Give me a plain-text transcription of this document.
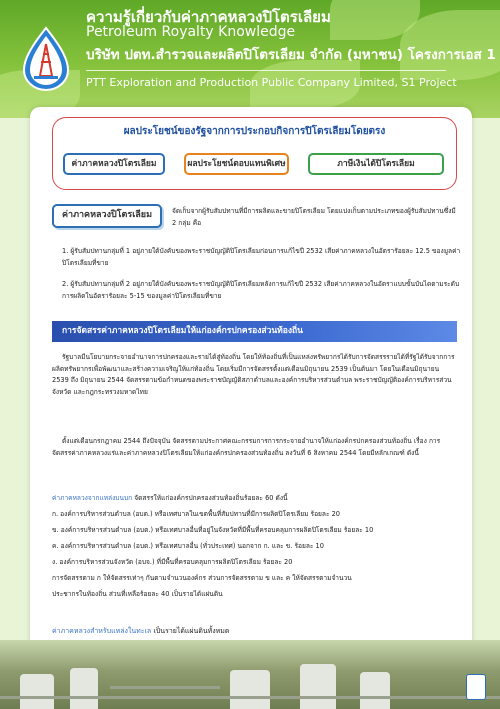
ความรู้เกี่ยวกับค่าภาคหลวงปิโตรเลียม
Petroleum Royalty Knowledge
บริษัท ปตท.สำรวจและผลิตปิโตรเลียม จำกัด (มหาชน) โครงการเอส 1
PTT Exploration and Production Public Company Limited, S1 Project
ผลประโยชน์ของรัฐจากการประกอบกิจการปิโตรเลียมโดยตรง
ค่าภาคหลวงปิโตรเลียม	ผลประโยชน์ตอบแทนพิเศษ	ภาษีเงินได้ปิโตรเลียม
ค่าภาคหลวงปิโตรเลียม	จัดเก็บจากผู้รับสัมปทานที่มีการผลิตและขายปิโตรเลียม โดยแบ่งเก็บตามประเภทของผู้รับสัมปทานซึ่งมี 2 กลุ่ม คือ
1. ผู้รับสัมปทานกลุ่มที่ 1 อยู่ภายใต้บังคับของพระราชบัญญัติปิโตรเลียมก่อนการแก้ไขปี 2532 เสียค่าภาคหลวงในอัตรารัอยละ 12.5 ของมูลค่าปิโตรเลียมที่ขาย
2. ผู้รับสัมปทานกลุ่มที่ 2 อยู่ภายใต้บังคับของพระราชบัญญัติปิโตรเลียมหลังการแก้ไขปี 2532 เสียค่าภาคหลวงในอัตราแบบขั้นบันไดตามระดับการผลิตในอัตรารัอยละ 5-15 ของมูลค่าปิโตรเลียมที่ขาย
การจัดสรรค่าภาคหลวงปิโตรเลียมให้แก่องค์กรปกครองส่วนท้องถิ่น
รัฐบาลมีนโยบายกระจายอำนาจการปกครองและรายได้สู่ท้องถิ่น โดยให้ท้องถิ่นที่เป็นแหล่งทรัพยากรได้รับการจัดสรรรายได้ที่รัฐได้รับจากการผลิตทรัพยากรเพื่อพัฒนาและสร้างความเจริญให้แก่ท้องถิ่น โดยเริ่มมีการจัดสรรตั้งแต่เดือนมิถุนายน 2539 เป็นต้นมา โดยในเดือนมิถุนายน 2539 ถึง มิถุนายน 2544 จัดสรรตามข้อกำหนดของพระราชบัญญัติสภาตำบลและองค์การบริหารส่วนตำบล พระราชบัญญัติองค์การบริหารส่วนจังหวัด และกฎกระทรวงมหาดไทย
ตั้งแต่เดือนกรกฎาคม 2544 ถึงปัจจุบัน จัดสรรตามประกาศคณะกรรมการการกระจายอำนาจให้แก่องค์กรปกครองส่วนท้องถิ่น เรื่อง การจัดสรรค่าภาคหลวงแร่และค่าภาคหลวงปิโตรเลียมให้แก่องค์กรปกครองส่วนท้องถิ่น ลงวันที่ 6 สิงหาคม 2544 โดยมีหลักเกณฑ์ ดังนี้
ค่าภาคหลวงจากแหล่งบนบก จัดสรรให้แก่องค์กรปกครองส่วนท้องถิ่นร้อยละ 60 ดังนี้
ก. องค์การบริหารส่วนตำบล (อบต.) หรือเทศบาลในเขตพื้นที่สัมปทานที่มีการผลิตปิโตรเลียม ร้อยละ 20
ข. องค์การบริหารส่วนตำบล (อบต.) หรือเทศบาลอื่นที่อยู่ในจังหวัดที่มีพื้นที่ครอบคลุมการผลิตปิโตรเลียม ร้อยละ 10
ค. องค์การบริหารส่วนตำบล (อบต.) หรือเทศบาลอื่น (ทั่วประเทศ) นอกจาก ก. และ ข. ร้อยละ 10
ง. องค์การบริหารส่วนจังหวัด (อบจ.) ที่มีพื้นที่ครอบคลุมการผลิตปิโตรเลียม ร้อยละ 20
การจัดสรรตาม ก ให้จัดสรรเท่าๆ กันตามจำนวนองค์กร ส่วนการจัดสรรตาม ข และ ค ให้จัดสรรตามจำนวน
ประชากรในท้องถิ่น ส่วนที่เหลือร้อยละ 40 เป็นรายได้แผ่นดิน
ค่าภาคหลวงสำหรับแหล่งในทะเล เป็นรายได้แผ่นดินทั้งหมด
